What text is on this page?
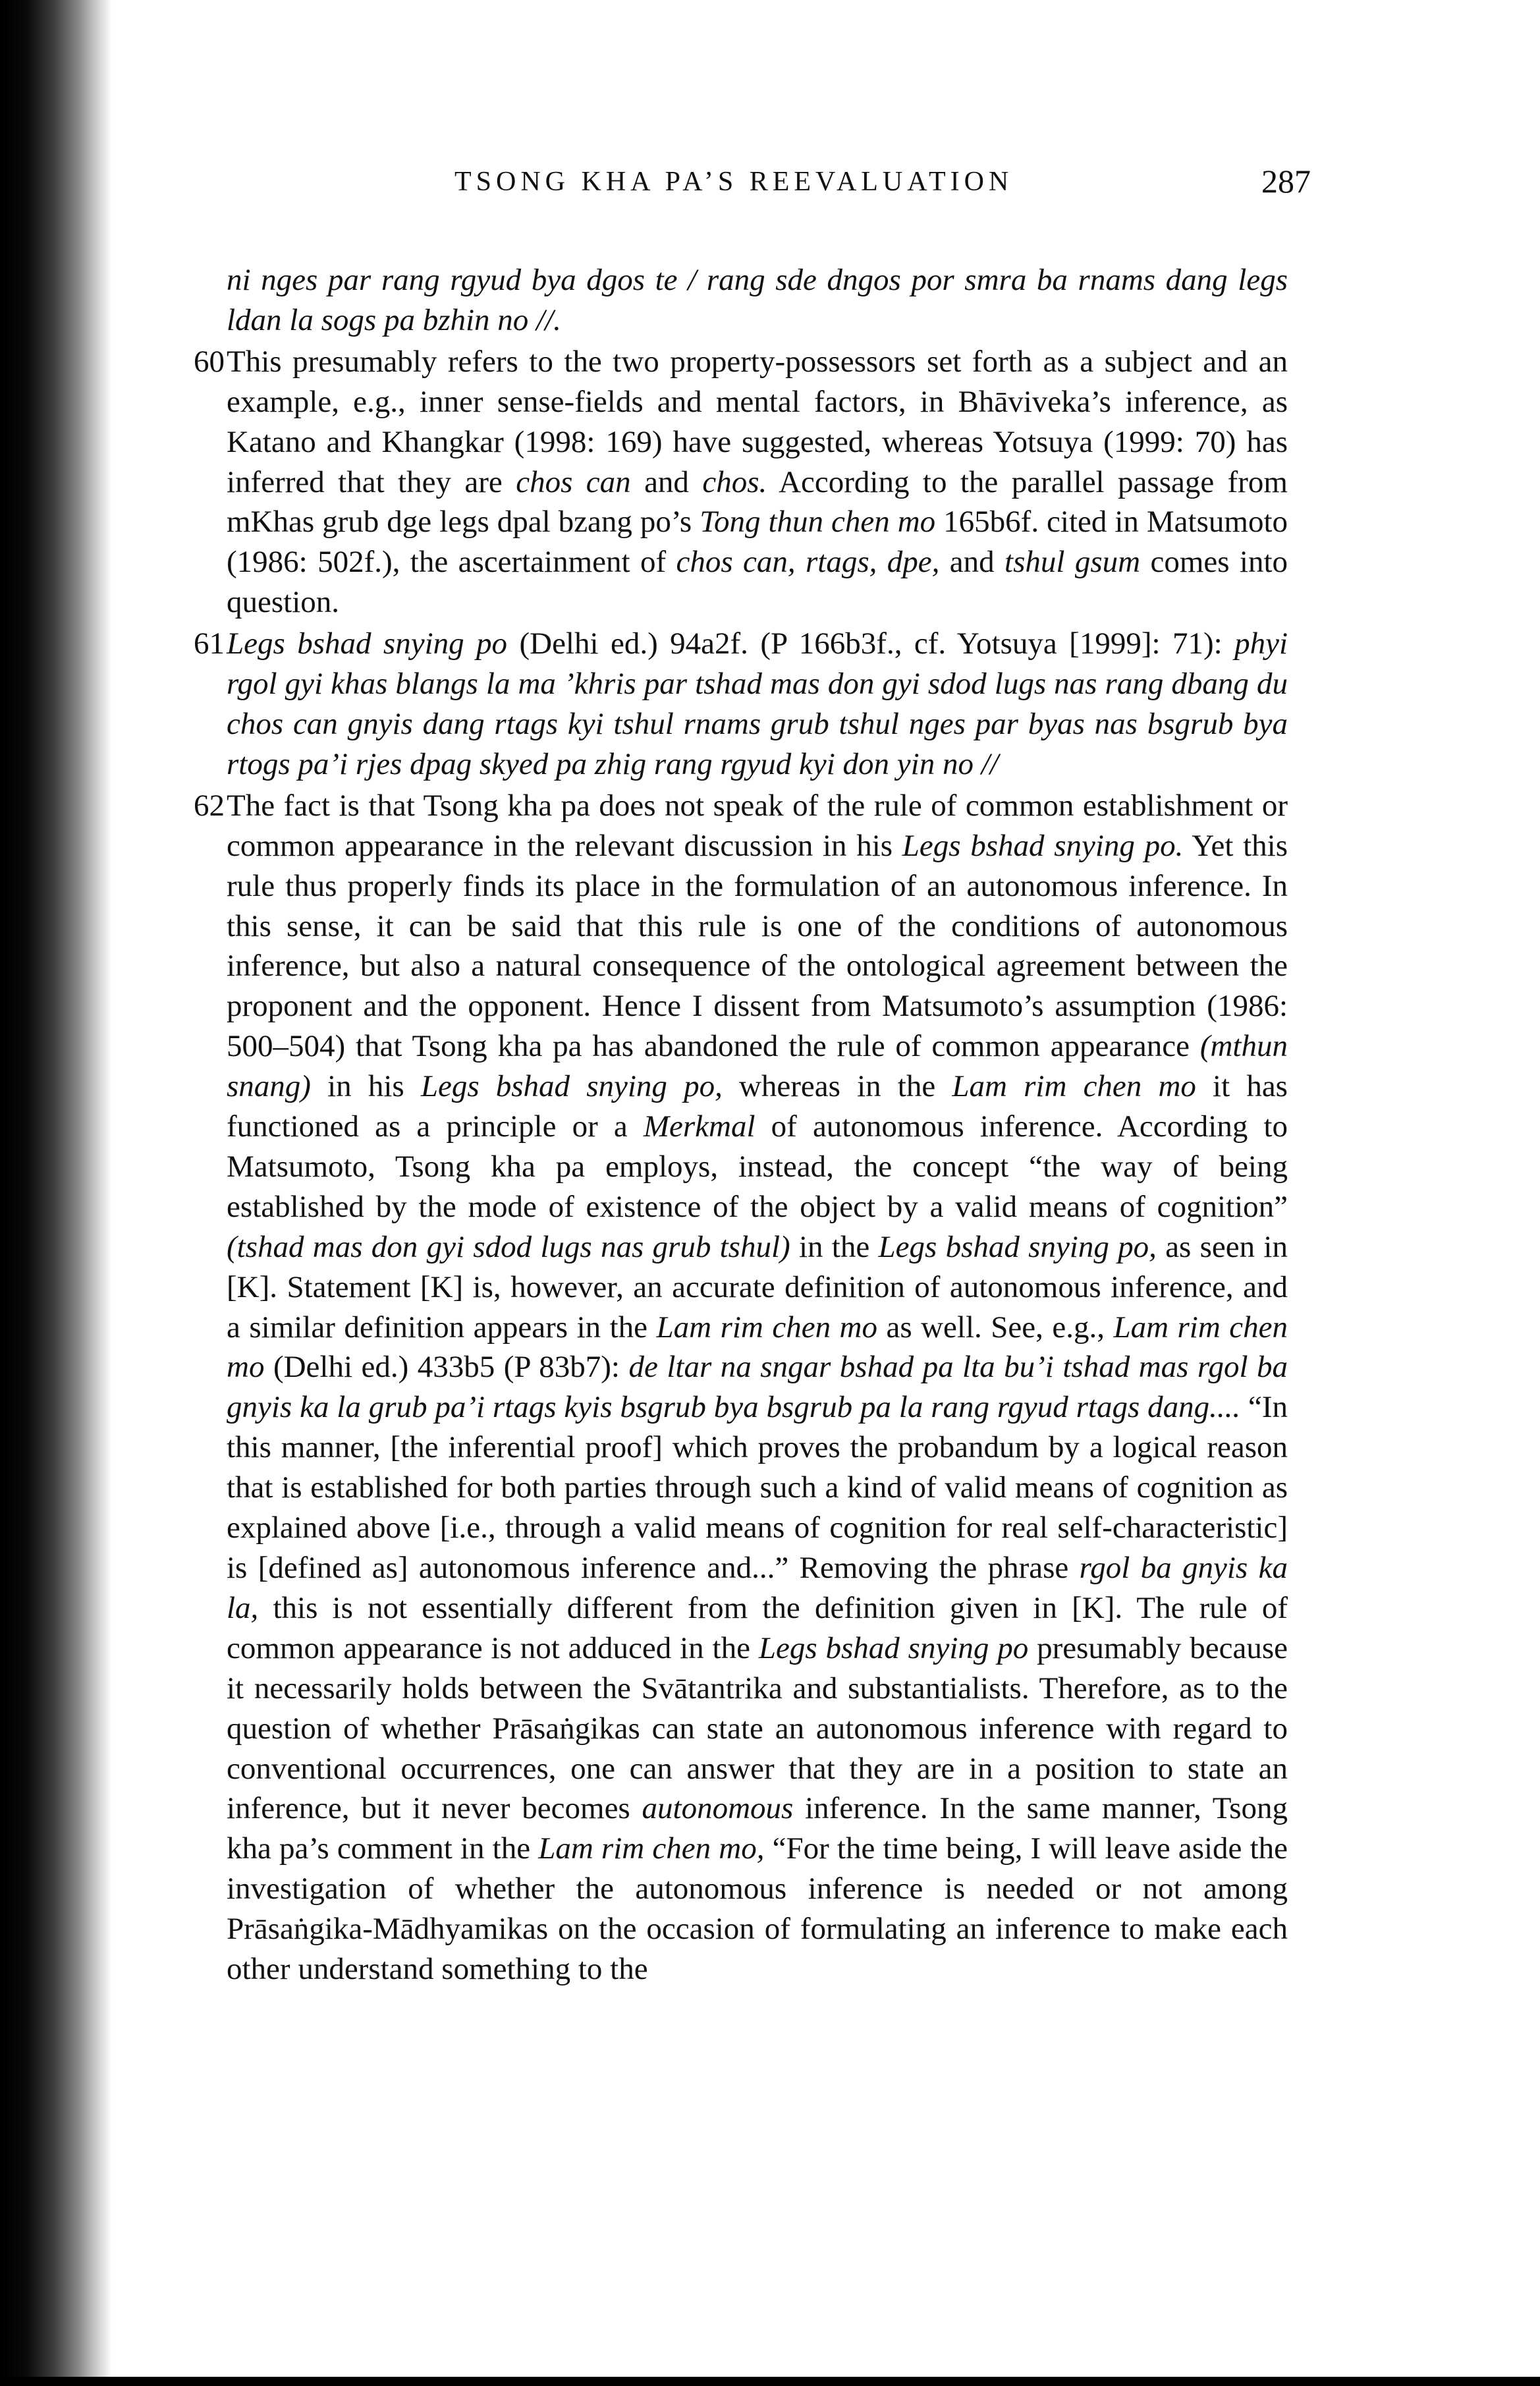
TSONG KHA PA’S REEVALUATION	287

ni nges par rang rgyud bya dgos te / rang sde dngos por smra ba rnams dang legs ldan la sogs pa bzhin no //.

60 This presumably refers to the two property-possessors set forth as a subject and an example, e.g., inner sense-fields and mental factors, in Bhāviveka’s inference, as Katano and Khangkar (1998: 169) have suggested, whereas Yotsuya (1999: 70) has inferred that they are chos can and chos. According to the parallel passage from mKhas grub dge legs dpal bzang po’s Tong thun chen mo 165b6f. cited in Matsumoto (1986: 502f.), the ascertainment of chos can, rtags, dpe, and tshul gsum comes into question.

61 Legs bshad snying po (Delhi ed.) 94a2f. (P 166b3f., cf. Yotsuya [1999]: 71): phyi rgol gyi khas blangs la ma ’khris par tshad mas don gyi sdod lugs nas rang dbang du chos can gnyis dang rtags kyi tshul rnams grub tshul nges par byas nas bsgrub bya rtogs pa’i rjes dpag skyed pa zhig rang rgyud kyi don yin no //

62 The fact is that Tsong kha pa does not speak of the rule of common establishment or common appearance in the relevant discussion in his Legs bshad snying po. Yet this rule thus properly finds its place in the formulation of an autonomous inference. In this sense, it can be said that this rule is one of the conditions of autonomous inference, but also a natural consequence of the ontological agreement between the proponent and the opponent. Hence I dissent from Matsumoto’s assumption (1986: 500–504) that Tsong kha pa has abandoned the rule of common appearance (mthun snang) in his Legs bshad snying po, whereas in the Lam rim chen mo it has functioned as a principle or a Merkmal of autonomous inference. According to Matsumoto, Tsong kha pa employs, instead, the concept “the way of being established by the mode of existence of the object by a valid means of cognition” (tshad mas don gyi sdod lugs nas grub tshul) in the Legs bshad snying po, as seen in [K]. Statement [K] is, however, an accurate definition of autonomous inference, and a similar definition appears in the Lam rim chen mo as well. See, e.g., Lam rim chen mo (Delhi ed.) 433b5 (P 83b7): de ltar na sngar bshad pa lta bu’i tshad mas rgol ba gnyis ka la grub pa’i rtags kyis bsgrub bya bsgrub pa la rang rgyud rtags dang.... “In this manner, [the inferential proof] which proves the probandum by a logical reason that is established for both parties through such a kind of valid means of cognition as explained above [i.e., through a valid means of cognition for real self-characteristic] is [defined as] autonomous inference and...” Removing the phrase rgol ba gnyis ka la, this is not essentially different from the definition given in [K]. The rule of common appearance is not adduced in the Legs bshad snying po presumably because it necessarily holds between the Svātantrika and substantialists. Therefore, as to the question of whether Prāsaṅgikas can state an autonomous inference with regard to conventional occurrences, one can answer that they are in a position to state an inference, but it never becomes autonomous inference. In the same manner, Tsong kha pa’s comment in the Lam rim chen mo, “For the time being, I will leave aside the investigation of whether the autonomous inference is needed or not among Prāsaṅgika-Mādhyamikas on the occasion of formulating an inference to make each other understand something to the
